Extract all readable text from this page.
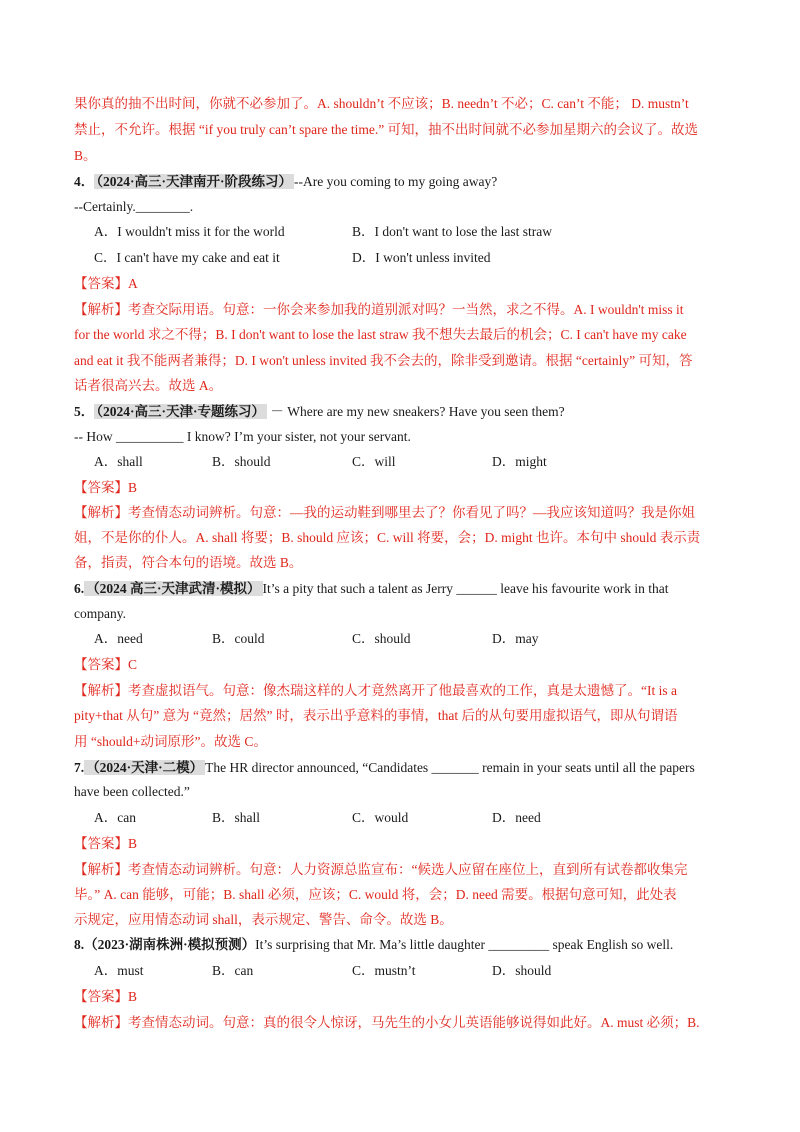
果你真的抽不出时间，你就不必参加了。A. shouldn’t 不应该；B. needn’t 不必；C. can’t 不能； D. mustn’t
禁止，不允许。根据 “if you truly can’t spare the time.” 可知，抽不出时间就不必参加星期六的会议了。故选
B。
4． （2024·高三·天津南开·阶段练习） --Are you coming to my going away?
--Certainly.________.
A．I wouldn't miss it for the world	B．I don't want to lose the last straw
C．I can't have my cake and eat it	D．I won't unless invited
【答案】A
【解析】考查交际用语。句意：一你会来参加我的道别派对吗？一当然，求之不得。A. I wouldn't miss it
for the world 求之不得；B. I don't want to lose the last straw 我不想失去最后的机会；C. I can't have my cake
and eat it 我不能两者兼得；D. I won't unless invited 我不会去的，除非受到邀请。根据 “certainly” 可知，答
话者很高兴去。故选 A。
5． （2024·高三·天津·专题练习） － Where are my new sneakers? Have you seen them?
-- How __________ I know? I’m your sister, not your servant.
A．shall	B．should	C．will	D．might
【答案】B
【解析】考查情态动词辨析。句意：—我的运动鞋到哪里去了？你看见了吗？—我应该知道吗？我是你姐
姐，不是你的仆人。A. shall 将要；B. should 应该；C. will 将要，会；D. might 也许。本句中 should 表示责
备，指责，符合本句的语境。故选 B。
6. （2024 高三·天津武清·模拟） It’s a pity that such a talent as Jerry ______ leave his favourite work in that
company.
A．need	B．could	C．should	D．may
【答案】C
【解析】考查虚拟语气。句意：像杰瑞这样的人才竟然离开了他最喜欢的工作，真是太遗憾了。“It is a
pity+that 从句” 意为 “竟然；居然” 时，表示出乎意料的事情，that 后的从句要用虚拟语气，即从句谓语
用 “should+动词原形”。故选 C。
7. （2024·天津·二模） The HR director announced, “Candidates _______ remain in your seats until all the papers
have been collected.”
A．can	B．shall	C．would	D．need
【答案】B
【解析】考查情态动词辨析。句意：人力资源总监宣布：“候选人应留在座位上，直到所有试卷都收集完
毕。” A. can 能够，可能；B. shall 必须，应该；C. would 将，会；D. need 需要。根据句意可知，此处表
示规定，应用情态动词 shall，表示规定、警告、命令。故选 B。
8.（2023·湖南株洲·模拟预测）It’s surprising that Mr. Ma’s little daughter _________ speak English so well.
A．must	B．can	C．mustn’t	D．should
【答案】B
【解析】考查情态动词。句意：真的很令人惊讶，马先生的小女儿英语能够说得如此好。A. must 必须；B.
